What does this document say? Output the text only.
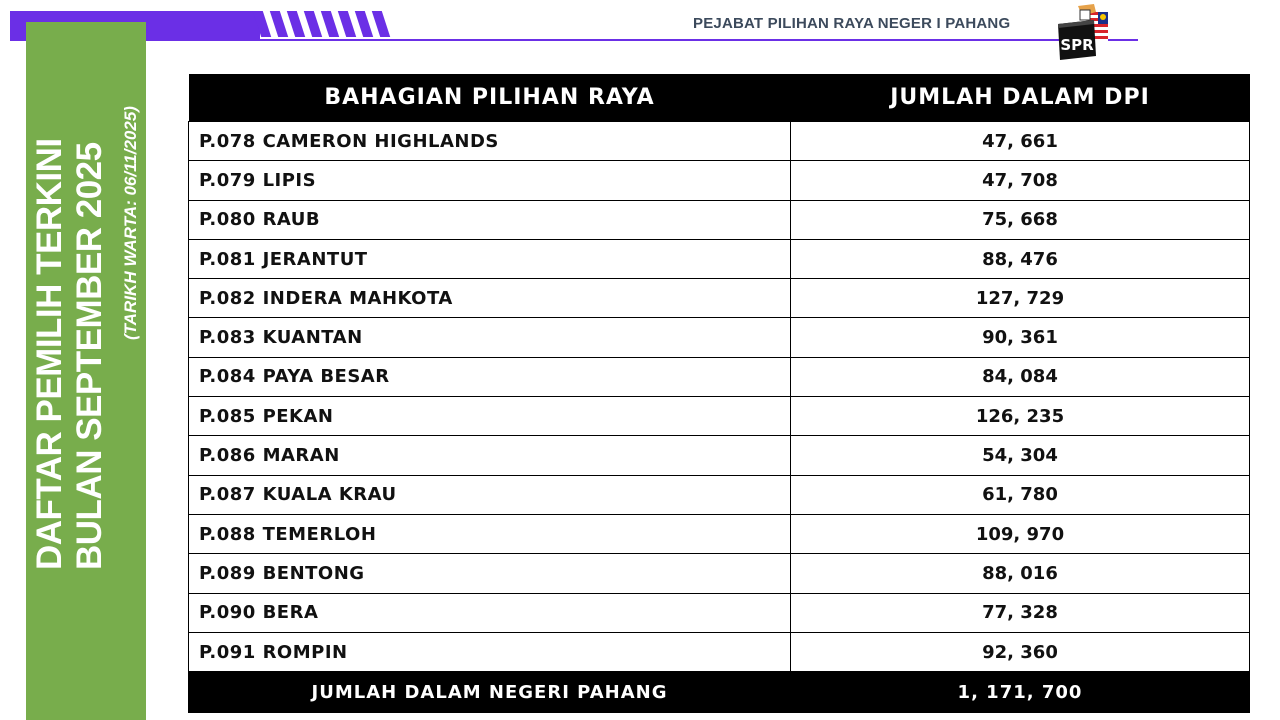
PEJABAT PILIHAN RAYA NEGER I PAHANG
SPR
DAFTAR PEMILIH TERKINI BULAN SEPTEMBER 2025 (TARIKH WARTA: 06/11/2025)
BAHAGIAN PILIHAN RAYA	JUMLAH DALAM DPI
P.078 CAMERON HIGHLANDS	47, 661
P.079 LIPIS	47, 708
P.080 RAUB	75, 668
P.081 JERANTUT	88, 476
P.082 INDERA MAHKOTA	127, 729
P.083 KUANTAN	90, 361
P.084 PAYA BESAR	84, 084
P.085 PEKAN	126, 235
P.086 MARAN	54, 304
P.087 KUALA KRAU	61, 780
P.088 TEMERLOH	109, 970
P.089 BENTONG	88, 016
P.090 BERA	77, 328
P.091 ROMPIN	92, 360
JUMLAH DALAM NEGERI PAHANG	1, 171, 700
